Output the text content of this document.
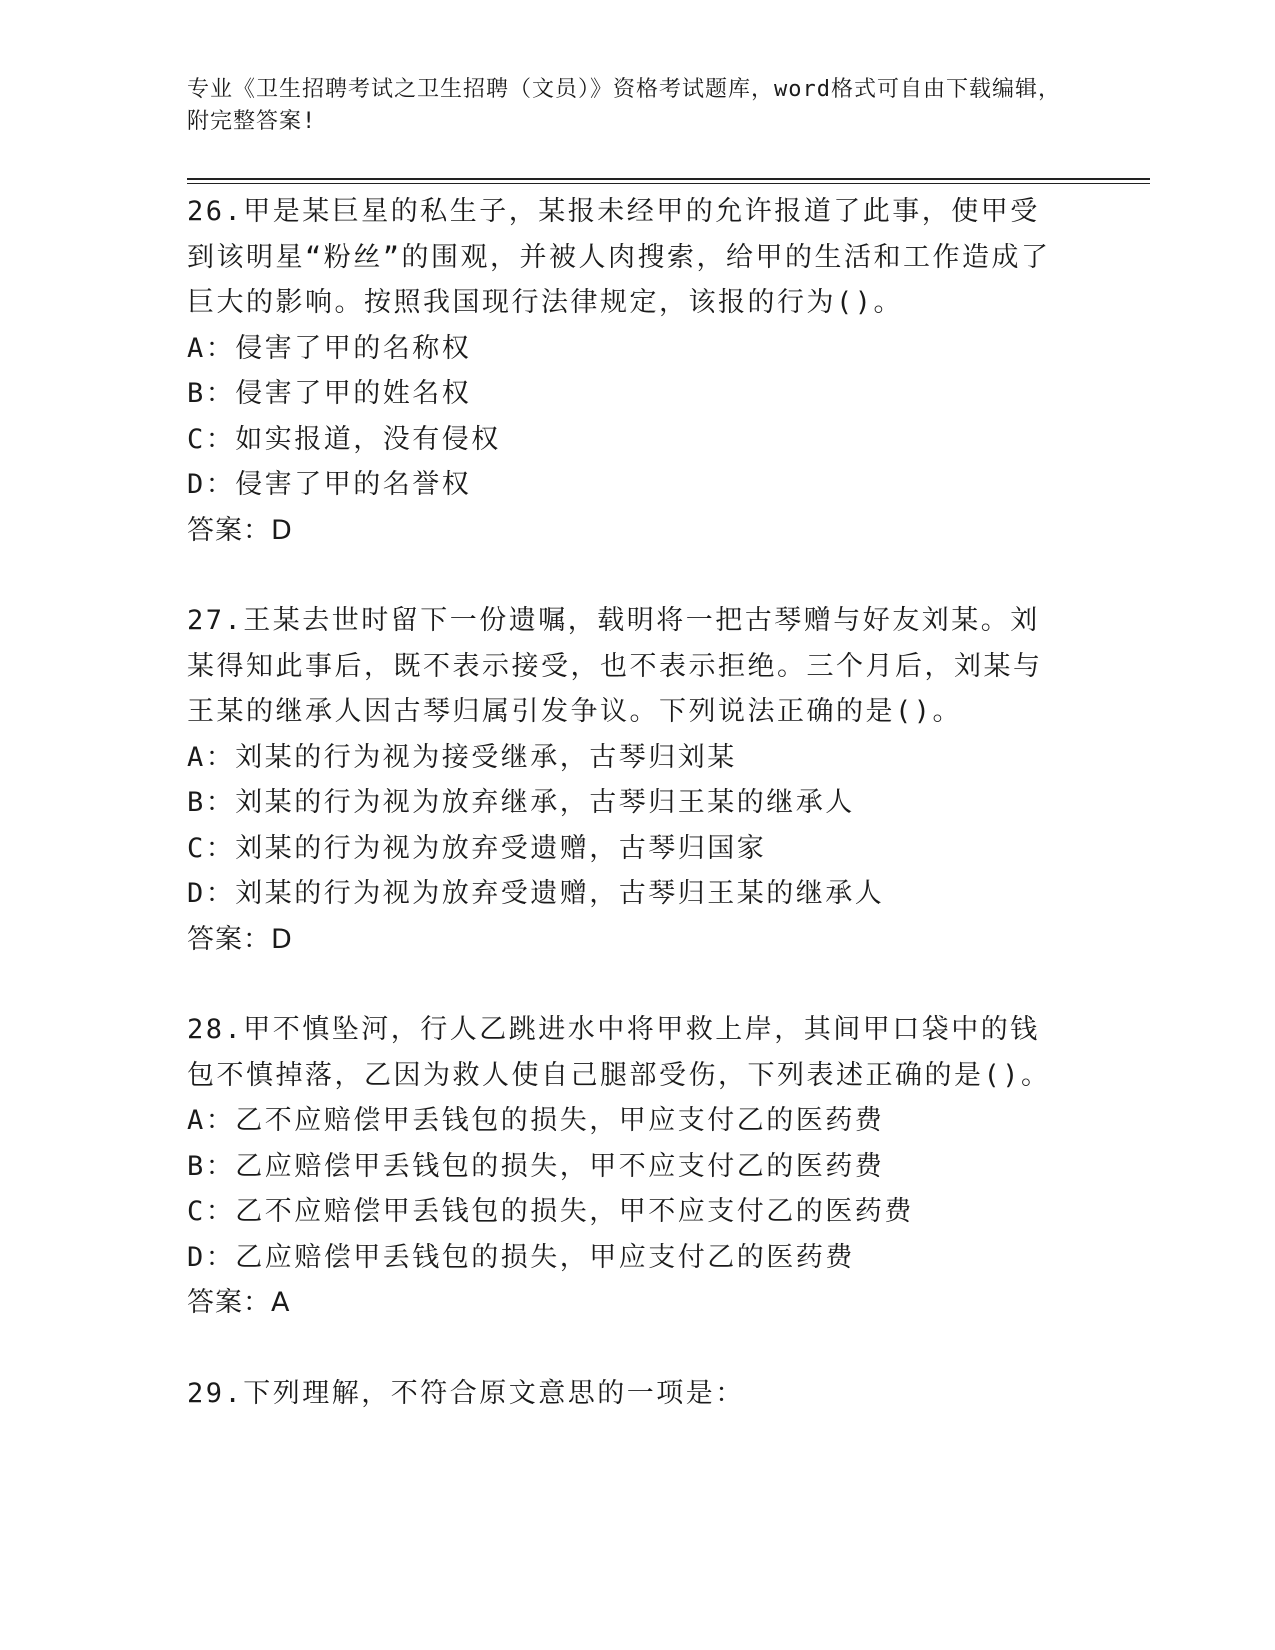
专业《卫生招聘考试之卫生招聘（文员）》资格考试题库，word格式可自由下载编辑，附完整答案!
26.甲是某巨星的私生子，某报未经甲的允许报道了此事，使甲受到该明星“粉丝”的围观，并被人肉搜索，给甲的生活和工作造成了巨大的影响。按照我国现行法律规定，该报的行为()。
A：侵害了甲的名称权
B：侵害了甲的姓名权
C：如实报道，没有侵权
D：侵害了甲的名誉权
答案：D
27.王某去世时留下一份遗嘱，载明将一把古琴赠与好友刘某。刘某得知此事后，既不表示接受，也不表示拒绝。三个月后，刘某与王某的继承人因古琴归属引发争议。下列说法正确的是()。
A：刘某的行为视为接受继承，古琴归刘某
B：刘某的行为视为放弃继承，古琴归王某的继承人
C：刘某的行为视为放弃受遗赠，古琴归国家
D：刘某的行为视为放弃受遗赠，古琴归王某的继承人
答案：D
28.甲不慎坠河，行人乙跳进水中将甲救上岸，其间甲口袋中的钱包不慎掉落，乙因为救人使自己腿部受伤，下列表述正确的是()。
A：乙不应赔偿甲丢钱包的损失，甲应支付乙的医药费
B：乙应赔偿甲丢钱包的损失，甲不应支付乙的医药费
C：乙不应赔偿甲丢钱包的损失，甲不应支付乙的医药费
D：乙应赔偿甲丢钱包的损失，甲应支付乙的医药费
答案：A
29.下列理解，不符合原文意思的一项是：
